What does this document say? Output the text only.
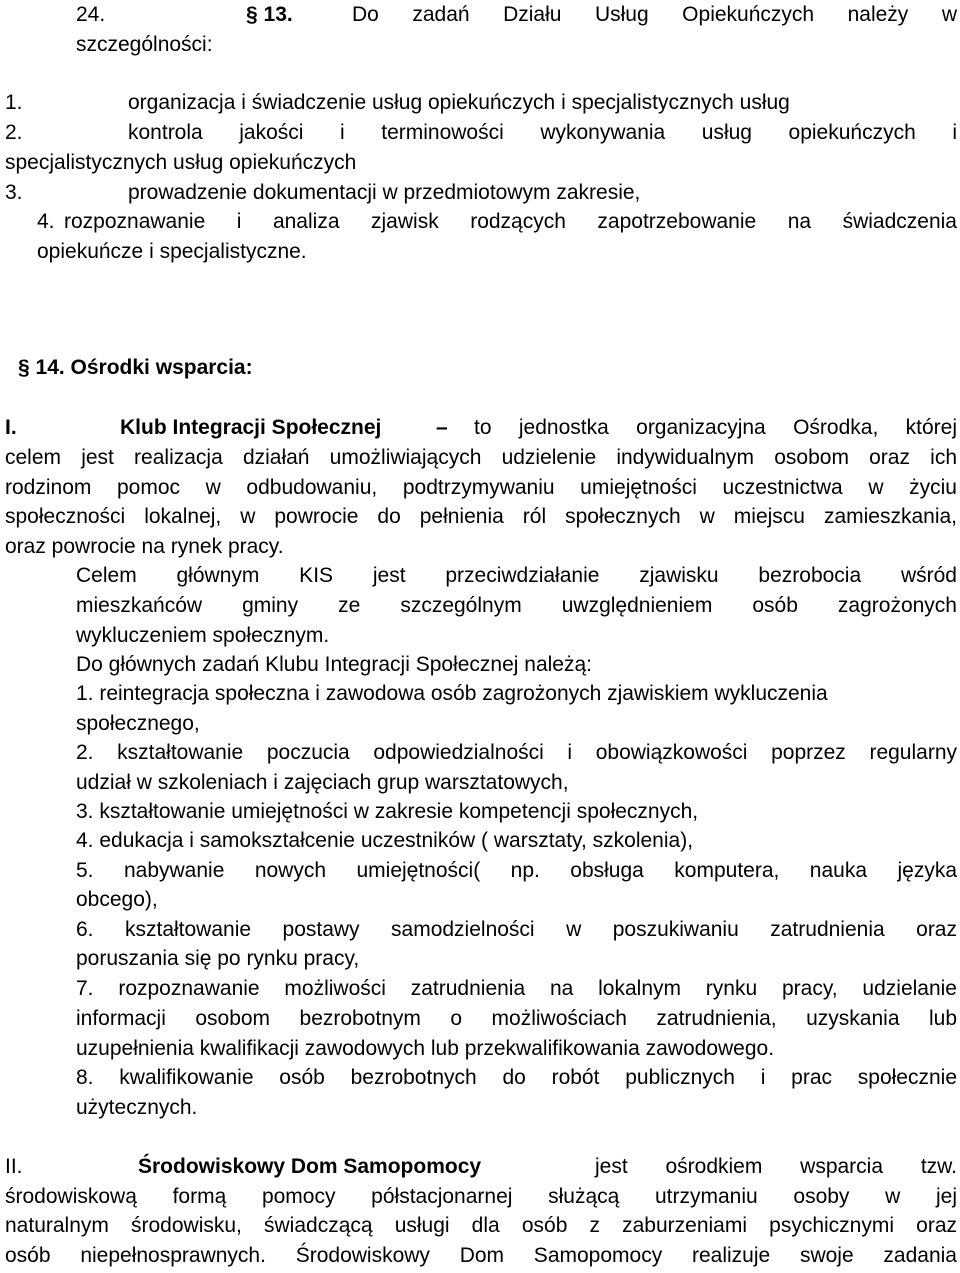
24.	§ 13.	Do zadań Działu Usług Opiekuńczych należy w
szczególności:
1.	organizacja i świadczenie usług opiekuńczych i specjalistycznych usług
2.	kontrola jakości i terminowości wykonywania usług opiekuńczych i
specjalistycznych usług opiekuńczych
3.	prowadzenie dokumentacji w przedmiotowym zakresie,
4. rozpoznawanie i analiza zjawisk rodzących zapotrzebowanie na świadczenia
opiekuńcze i specjalistyczne.
§ 14. Ośrodki wsparcia:
I.	Klub Integracji Społecznej	– to jednostka organizacyjna Ośrodka, której
celem jest realizacja działań umożliwiających udzielenie indywidualnym osobom oraz ich
rodzinom pomoc w odbudowaniu, podtrzymywaniu umiejętności uczestnictwa w życiu
społeczności lokalnej, w powrocie do pełnienia ról społecznych w miejscu zamieszkania,
oraz powrocie na rynek pracy.
Celem głównym KIS jest przeciwdziałanie zjawisku bezrobocia wśród
mieszkańców gminy ze szczególnym uwzględnieniem osób zagrożonych
wykluczeniem społecznym.
Do głównych zadań Klubu Integracji Społecznej należą:
1. reintegracja społeczna i zawodowa osób zagrożonych zjawiskiem wykluczenia
społecznego,
2. kształtowanie poczucia odpowiedzialności i obowiązkowości poprzez regularny
udział w szkoleniach i zajęciach grup warsztatowych,
3. kształtowanie umiejętności w zakresie kompetencji społecznych,
4. edukacja i samokształcenie uczestników ( warsztaty, szkolenia),
5. nabywanie nowych umiejętności( np. obsługa komputera, nauka języka
obcego),
6. kształtowanie postawy samodzielności w poszukiwaniu zatrudnienia oraz
poruszania się po rynku pracy,
7. rozpoznawanie możliwości zatrudnienia na lokalnym rynku pracy, udzielanie
informacji osobom bezrobotnym o możliwościach zatrudnienia, uzyskania lub
uzupełnienia kwalifikacji zawodowych lub przekwalifikowania zawodowego.
8. kwalifikowanie osób bezrobotnych do robót publicznych i prac społecznie
użytecznych.
II.	Środowiskowy Dom Samopomocy	jest ośrodkiem wsparcia tzw.
środowiskową formą pomocy półstacjonarnej służącą utrzymaniu osoby w jej
naturalnym środowisku, świadczącą usługi dla osób z zaburzeniami psychicznymi oraz
osób niepełnosprawnych. Środowiskowy Dom Samopomocy realizuje swoje zadania
